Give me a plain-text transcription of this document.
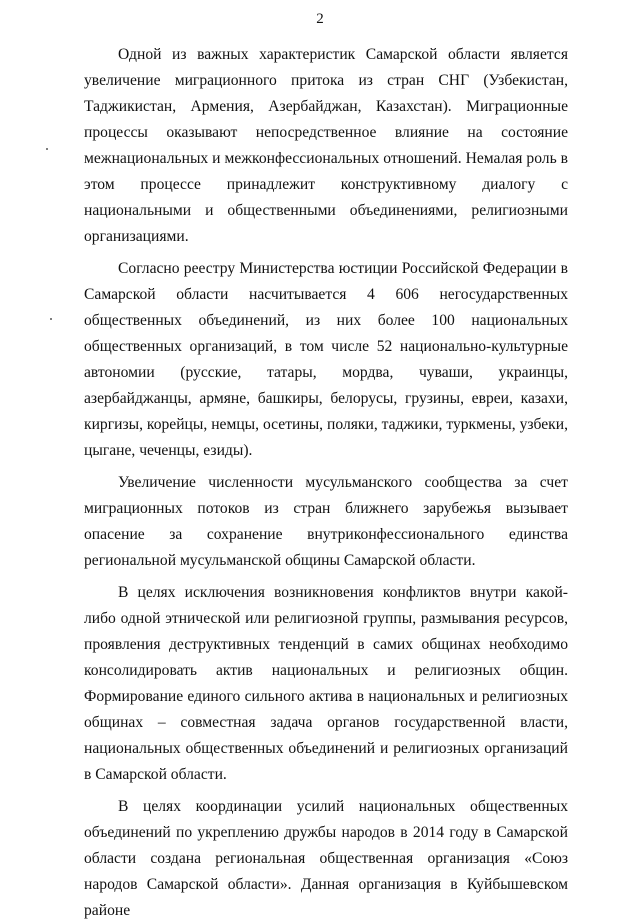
2

Одной из важных характеристик Самарской области является увеличение миграционного притока из стран СНГ (Узбекистан, Таджикистан, Армения, Азербайджан, Казахстан). Миграционные процессы оказывают непосредственное влияние на состояние межнациональных и межконфессиональных отношений. Немалая роль в этом процессе принадлежит конструктивному диалогу с национальными и общественными объединениями, религиозными организациями.

Согласно реестру Министерства юстиции Российской Федерации в Самарской области насчитывается 4 606 негосударственных общественных объединений, из них более 100 национальных общественных организаций, в том числе 52 национально-культурные автономии (русские, татары, мордва, чуваши, украинцы, азербайджанцы, армяне, башкиры, белорусы, грузины, евреи, казахи, киргизы, корейцы, немцы, осетины, поляки, таджики, туркмены, узбеки, цыгане, чеченцы, езиды).

Увеличение численности мусульманского сообщества за счет миграционных потоков из стран ближнего зарубежья вызывает опасение за сохранение внутриконфессионального единства региональной мусульманской общины Самарской области.

В целях исключения возникновения конфликтов внутри какой-либо одной этнической или религиозной группы, размывания ресурсов, проявления деструктивных тенденций в самих общинах необходимо консолидировать актив национальных и религиозных общин. Формирование единого сильного актива в национальных и религиозных общинах – совместная задача органов государственной власти, национальных общественных объединений и религиозных организаций в Самарской области.

В целях координации усилий национальных общественных объединений по укреплению дружбы народов в 2014 году в Самарской области создана региональная общественная организация «Союз народов Самарской области». Данная организация в Куйбышевском районе
